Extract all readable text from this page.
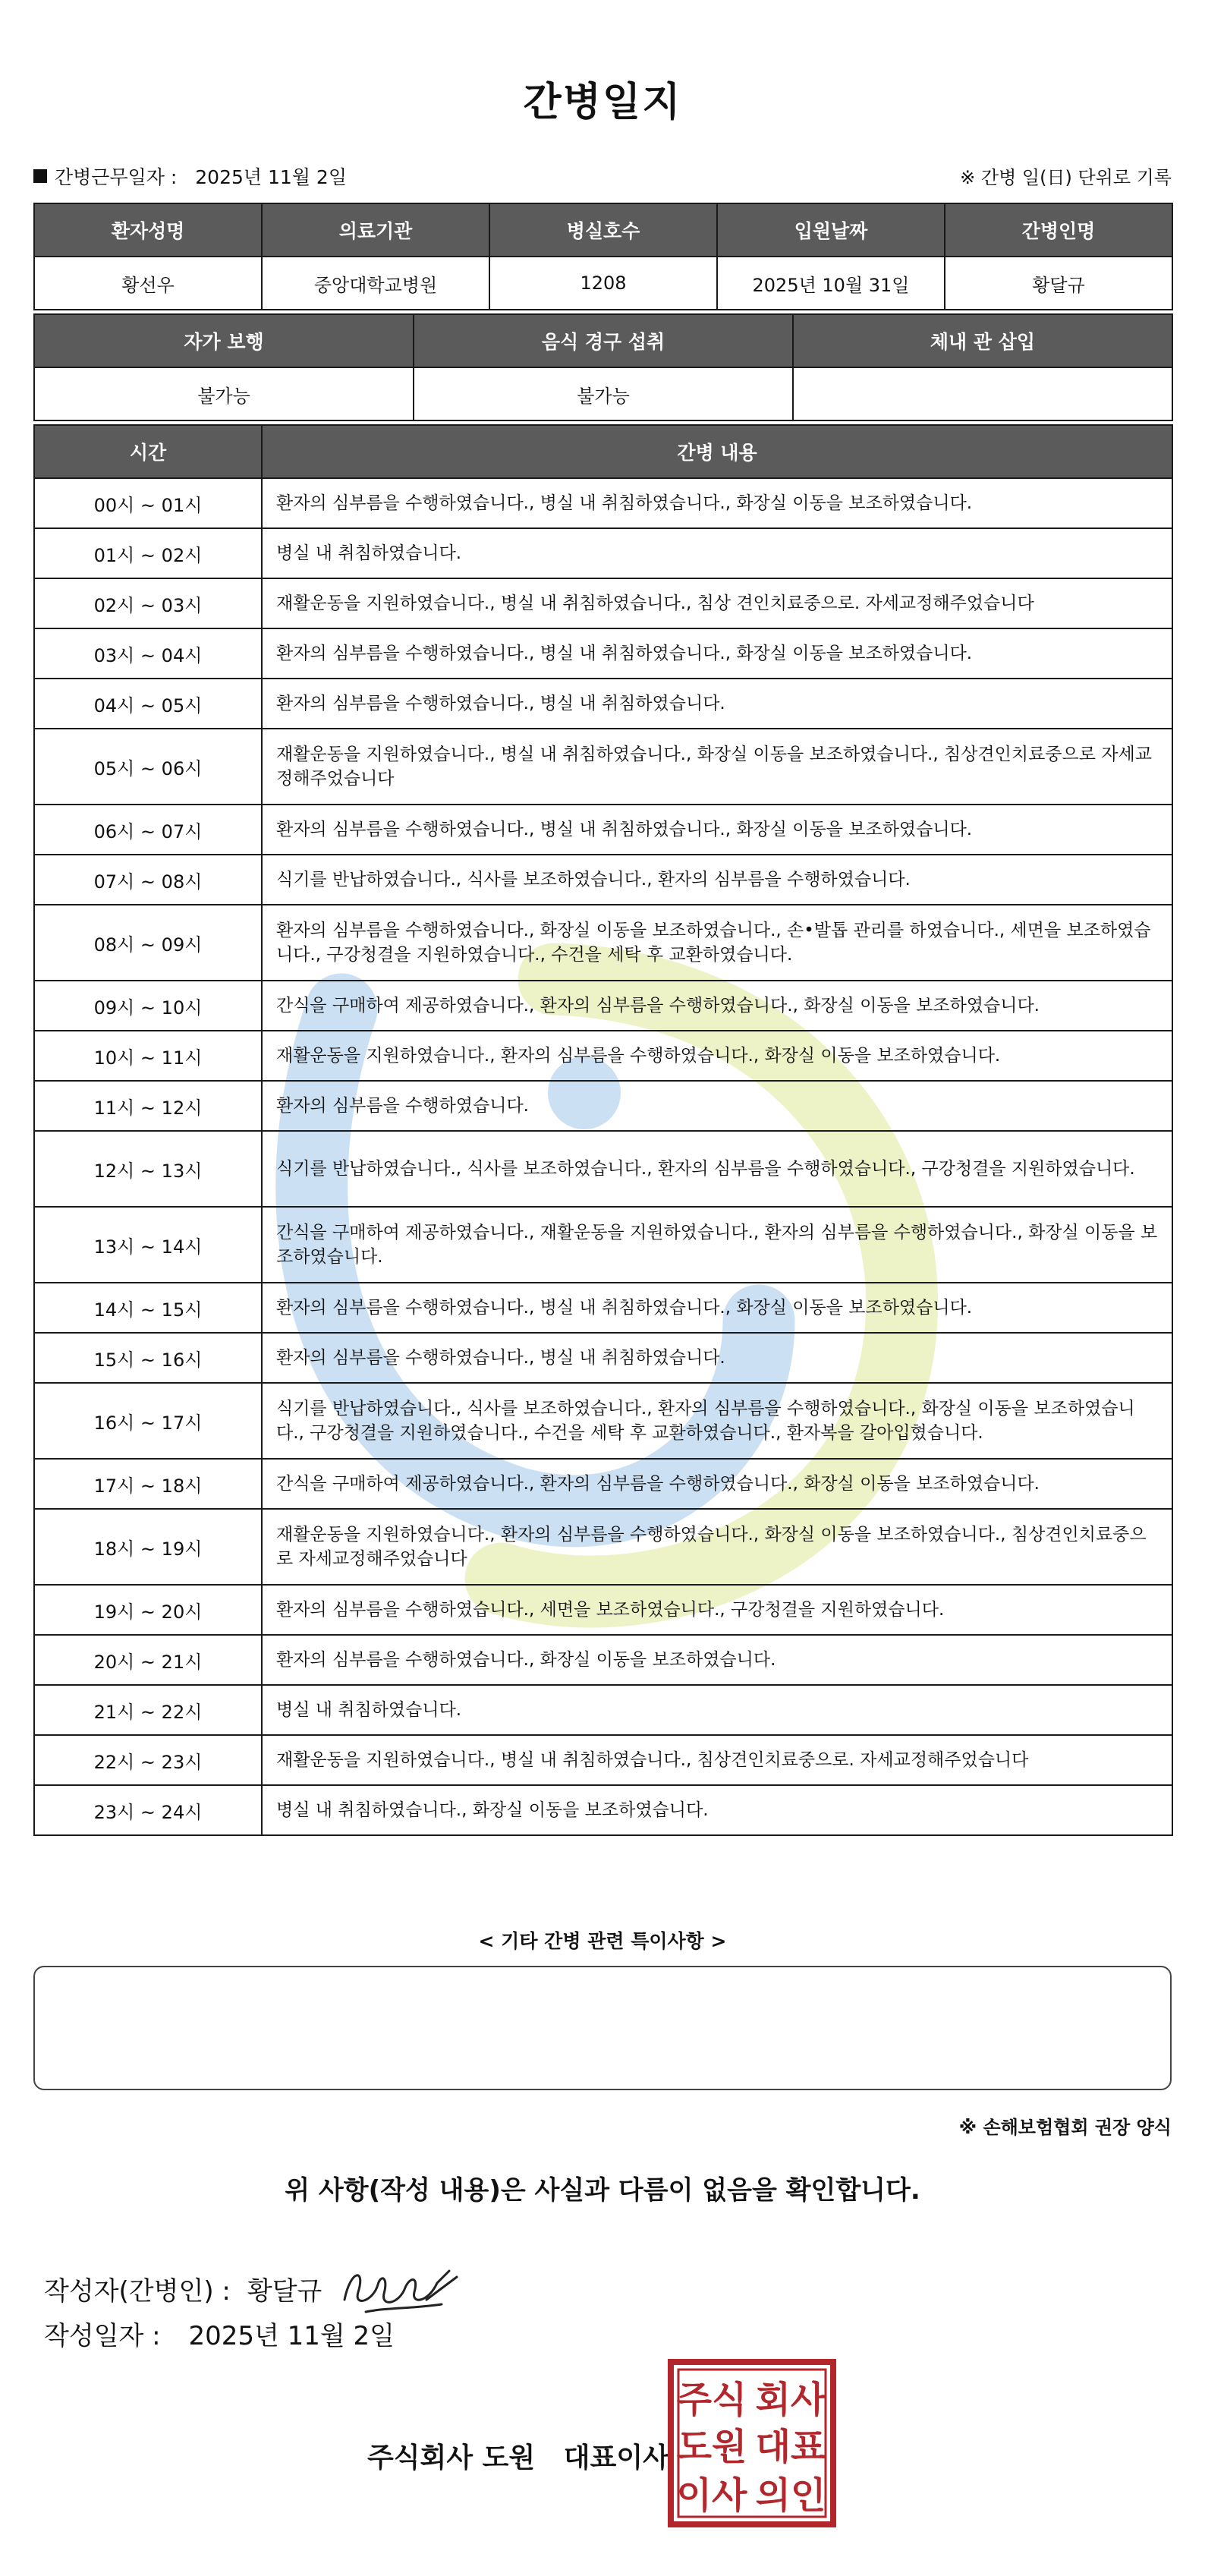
간병일지
간병근무일자 : 2025년 11월 2일	※ 간병 일(日) 단위로 기록
환자성명	의료기관	병실호수	입원날짜	간병인명
황선우	중앙대학교병원	1208	2025년 10월 31일	황달규
자가 보행	음식 경구 섭취	체내 관 삽입
불가능	불가능	
시간	간병 내용
00시 ~ 01시	환자의 심부름을 수행하였습니다., 병실 내 취침하였습니다., 화장실 이동을 보조하였습니다.
01시 ~ 02시	병실 내 취침하였습니다.
02시 ~ 03시	재활운동을 지원하였습니다., 병실 내 취침하였습니다., 침상 견인치료중으로. 자세교정해주었습니다
03시 ~ 04시	환자의 심부름을 수행하였습니다., 병실 내 취침하였습니다., 화장실 이동을 보조하였습니다.
04시 ~ 05시	환자의 심부름을 수행하였습니다., 병실 내 취침하였습니다.
05시 ~ 06시	재활운동을 지원하였습니다., 병실 내 취침하였습니다., 화장실 이동을 보조하였습니다., 침상견인치료중으로 자세교정해주었습니다
06시 ~ 07시	환자의 심부름을 수행하였습니다., 병실 내 취침하였습니다., 화장실 이동을 보조하였습니다.
07시 ~ 08시	식기를 반납하였습니다., 식사를 보조하였습니다., 환자의 심부름을 수행하였습니다.
08시 ~ 09시	환자의 심부름을 수행하였습니다., 화장실 이동을 보조하였습니다., 손•발톱 관리를 하였습니다., 세면을 보조하였습니다., 구강청결을 지원하였습니다., 수건을 세탁 후 교환하였습니다.
09시 ~ 10시	간식을 구매하여 제공하였습니다., 환자의 심부름을 수행하였습니다., 화장실 이동을 보조하였습니다.
10시 ~ 11시	재활운동을 지원하였습니다., 환자의 심부름을 수행하였습니다., 화장실 이동을 보조하였습니다.
11시 ~ 12시	환자의 심부름을 수행하였습니다.
12시 ~ 13시	식기를 반납하였습니다., 식사를 보조하였습니다., 환자의 심부름을 수행하였습니다., 구강청결을 지원하였습니다.
13시 ~ 14시	간식을 구매하여 제공하였습니다., 재활운동을 지원하였습니다., 환자의 심부름을 수행하였습니다., 화장실 이동을 보조하였습니다.
14시 ~ 15시	환자의 심부름을 수행하였습니다., 병실 내 취침하였습니다., 화장실 이동을 보조하였습니다.
15시 ~ 16시	환자의 심부름을 수행하였습니다., 병실 내 취침하였습니다.
16시 ~ 17시	식기를 반납하였습니다., 식사를 보조하였습니다., 환자의 심부름을 수행하였습니다., 화장실 이동을 보조하였습니다., 구강청결을 지원하였습니다., 수건을 세탁 후 교환하였습니다., 환자복을 갈아입혔습니다.
17시 ~ 18시	간식을 구매하여 제공하였습니다., 환자의 심부름을 수행하였습니다., 화장실 이동을 보조하였습니다.
18시 ~ 19시	재활운동을 지원하였습니다., 환자의 심부름을 수행하였습니다., 화장실 이동을 보조하였습니다., 침상견인치료중으로 자세교정해주었습니다
19시 ~ 20시	환자의 심부름을 수행하였습니다., 세면을 보조하였습니다., 구강청결을 지원하였습니다.
20시 ~ 21시	환자의 심부름을 수행하였습니다., 화장실 이동을 보조하였습니다.
21시 ~ 22시	병실 내 취침하였습니다.
22시 ~ 23시	재활운동을 지원하였습니다., 병실 내 취침하였습니다., 침상견인치료중으로. 자세교정해주었습니다
23시 ~ 24시	병실 내 취침하였습니다., 화장실 이동을 보조하였습니다.
< 기타 간병 관련 특이사항 >
※ 손해보험협회 권장 양식
위 사항(작성 내용)은 사실과 다름이 없음을 확인합니다.
작성자(간병인) : 황달규
작성일자 : 2025년 11월 2일
주식회사 도원   대표이사
주식 회사
도원 대표
이사 의인
